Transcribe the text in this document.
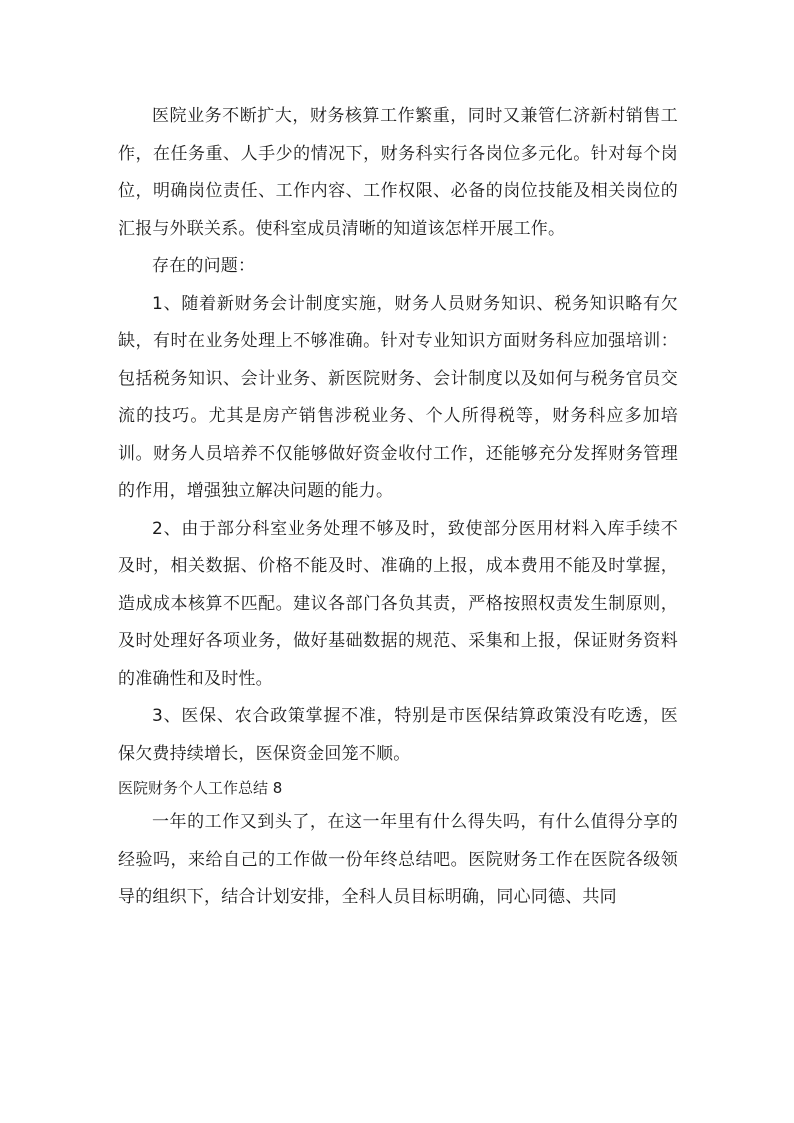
医院业务不断扩大，财务核算工作繁重，同时又兼管仁济新村销售工作，在任务重、人手少的情况下，财务科实行各岗位多元化。针对每个岗位，明确岗位责任、工作内容、工作权限、必备的岗位技能及相关岗位的汇报与外联关系。使科室成员清晰的知道该怎样开展工作。

存在的问题：

1、随着新财务会计制度实施，财务人员财务知识、税务知识略有欠缺，有时在业务处理上不够准确。针对专业知识方面财务科应加强培训：包括税务知识、会计业务、新医院财务、会计制度以及如何与税务官员交流的技巧。尤其是房产销售涉税业务、个人所得税等，财务科应多加培训。财务人员培养不仅能够做好资金收付工作，还能够充分发挥财务管理的作用，增强独立解决问题的能力。

2、由于部分科室业务处理不够及时，致使部分医用材料入库手续不及时，相关数据、价格不能及时、准确的上报，成本费用不能及时掌握，造成成本核算不匹配。建议各部门各负其责，严格按照权责发生制原则，及时处理好各项业务，做好基础数据的规范、采集和上报，保证财务资料的准确性和及时性。

3、医保、农合政策掌握不准，特别是市医保结算政策没有吃透，医保欠费持续增长，医保资金回笼不顺。

医院财务个人工作总结 8

一年的工作又到头了，在这一年里有什么得失吗，有什么值得分享的经验吗，来给自己的工作做一份年终总结吧。医院财务工作在医院各级领导的组织下，结合计划安排，全科人员目标明确，同心同德、共同
